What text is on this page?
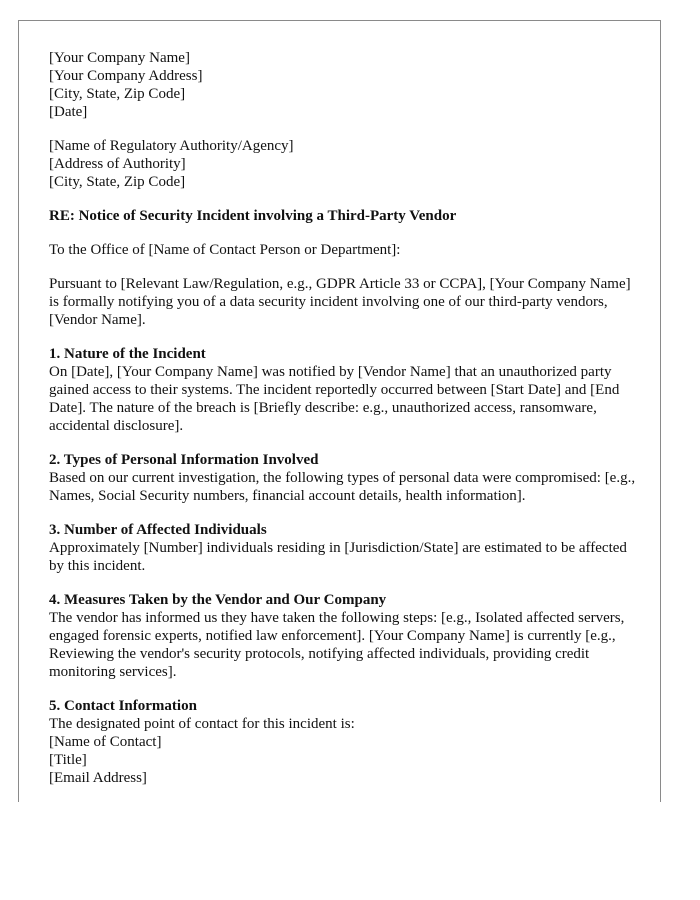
[Your Company Name]
[Your Company Address]
[City, State, Zip Code]
[Date]
[Name of Regulatory Authority/Agency]
[Address of Authority]
[City, State, Zip Code]

RE: Notice of Security Incident involving a Third-Party Vendor

To the Office of [Name of Contact Person or Department]:

Pursuant to [Relevant Law/Regulation, e.g., GDPR Article 33 or CCPA], [Your Company Name] is formally notifying you of a data security incident involving one of our third-party vendors, [Vendor Name].

1. Nature of the Incident
On [Date], [Your Company Name] was notified by [Vendor Name] that an unauthorized party gained access to their systems. The incident reportedly occurred between [Start Date] and [End Date]. The nature of the breach is [Briefly describe: e.g., unauthorized access, ransomware, accidental disclosure].
2. Types of Personal Information Involved
Based on our current investigation, the following types of personal data were compromised: [e.g., Names, Social Security numbers, financial account details, health information].
3. Number of Affected Individuals
Approximately [Number] individuals residing in [Jurisdiction/State] are estimated to be affected by this incident.
4. Measures Taken by the Vendor and Our Company
The vendor has informed us they have taken the following steps: [e.g., Isolated affected servers, engaged forensic experts, notified law enforcement]. [Your Company Name] is currently [e.g., Reviewing the vendor's security protocols, notifying affected individuals, providing credit monitoring services].
5. Contact Information
The designated point of contact for this incident is:
[Name of Contact]
[Title]
[Email Address]
